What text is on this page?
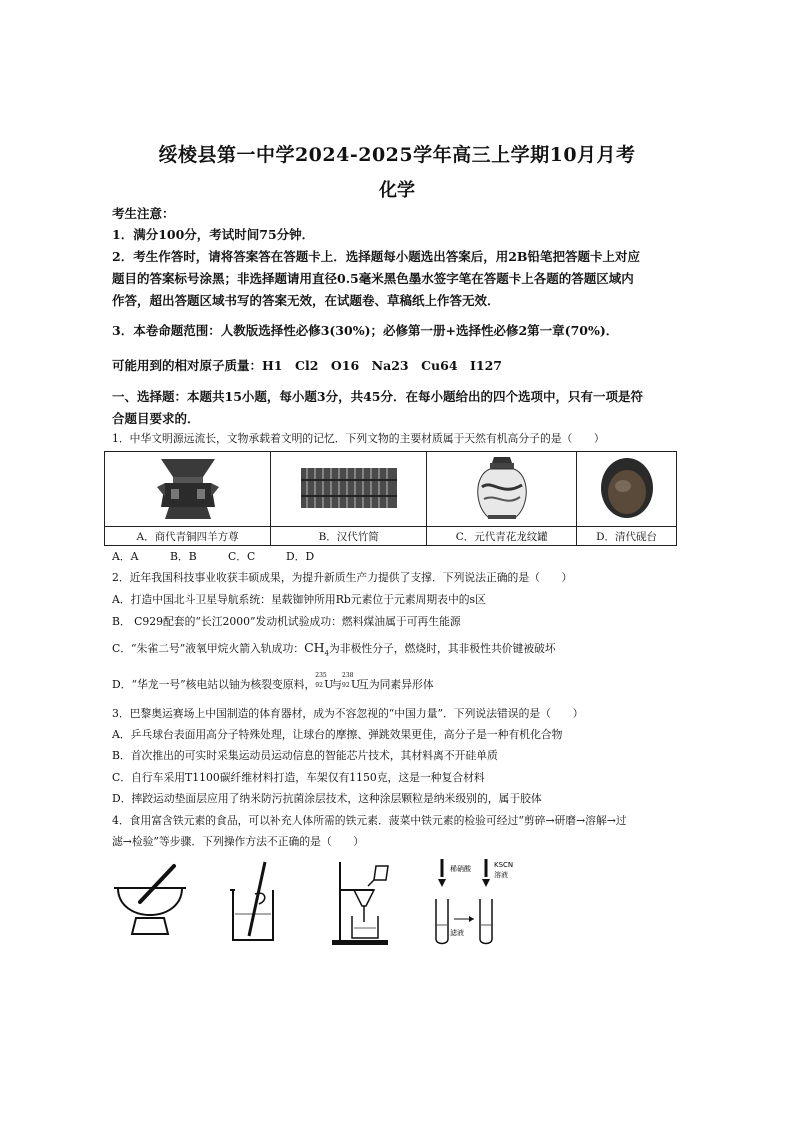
绥棱县第一中学2024-2025学年高三上学期10月月考
化学
考生注意：
1．满分100分，考试时间75分钟．
2．考生作答时，请将答案答在答题卡上．选择题每小题选出答案后，用2B铅笔把答题卡上对应
题目的答案标号涂黑；非选择题请用直径0.5毫米黑色墨水签字笔在答题卡上各题的答题区域内
作答，超出答题区域书写的答案无效，在试题卷、草稿纸上作答无效．
3．本卷命题范围：人教版选择性必修3(30%)；必修第一册+选择性必修2第一章(70%)．
可能用到的相对原子质量：H1　Cl2　O16　Na23　Cu64　I127
一、选择题：本题共15小题，每小题3分，共45分．在每小题给出的四个选项中，只有一项是符
合题目要求的．
1．中华文明源远流长，文物承载着文明的记忆．下列文物的主要材质属于天然有机高分子的是（　　）

A．商代青铜四羊方尊	B．汉代竹简	C．元代青花龙纹罐	D．清代砚台
A．A	B．B	C．C	D．D
2．近年我国科技事业收获丰硕成果，为提升新质生产力提供了支撑．下列说法正确的是（　　）
A．打造中国北斗卫星导航系统：星载铷钟所用Rb元素位于元素周期表中的s区
B． C929配套的“长江2000”发动机试验成功：燃料煤油属于可再生能源
C．“朱雀二号”液氧甲烷火箭入轨成功：$CH_4$为非极性分子，燃烧时，其非极性共价键被破坏
D．“华龙一号”核电站以铀为核裂变原料，
235
92 U与
238
92 U互为同素异形体
3．巴黎奥运赛场上中国制造的体育器材，成为不容忽视的“中国力量”．下列说法错误的是（　　）
A．乒乓球台表面用高分子特殊处理，让球台的摩擦、弹跳效果更佳，高分子是一种有机化合物
B．首次推出的可实时采集运动员运动信息的智能芯片技术，其材料离不开硅单质
C．自行车采用T1100碳纤维材料打造，车架仅有1150克，这是一种复合材料
D．摔跤运动垫面层应用了纳米防污抗菌涂层技术，这种涂层颗粒是纳米级别的，属于胶体
4．食用富含铁元素的食品，可以补充人体所需的铁元素．菠菜中铁元素的检验可经过“剪碎→研磨→溶解→过
滤→检验”等步骤．下列操作方法不正确的是（　　）
稀硝酸	KSCN
溶液
滤液
